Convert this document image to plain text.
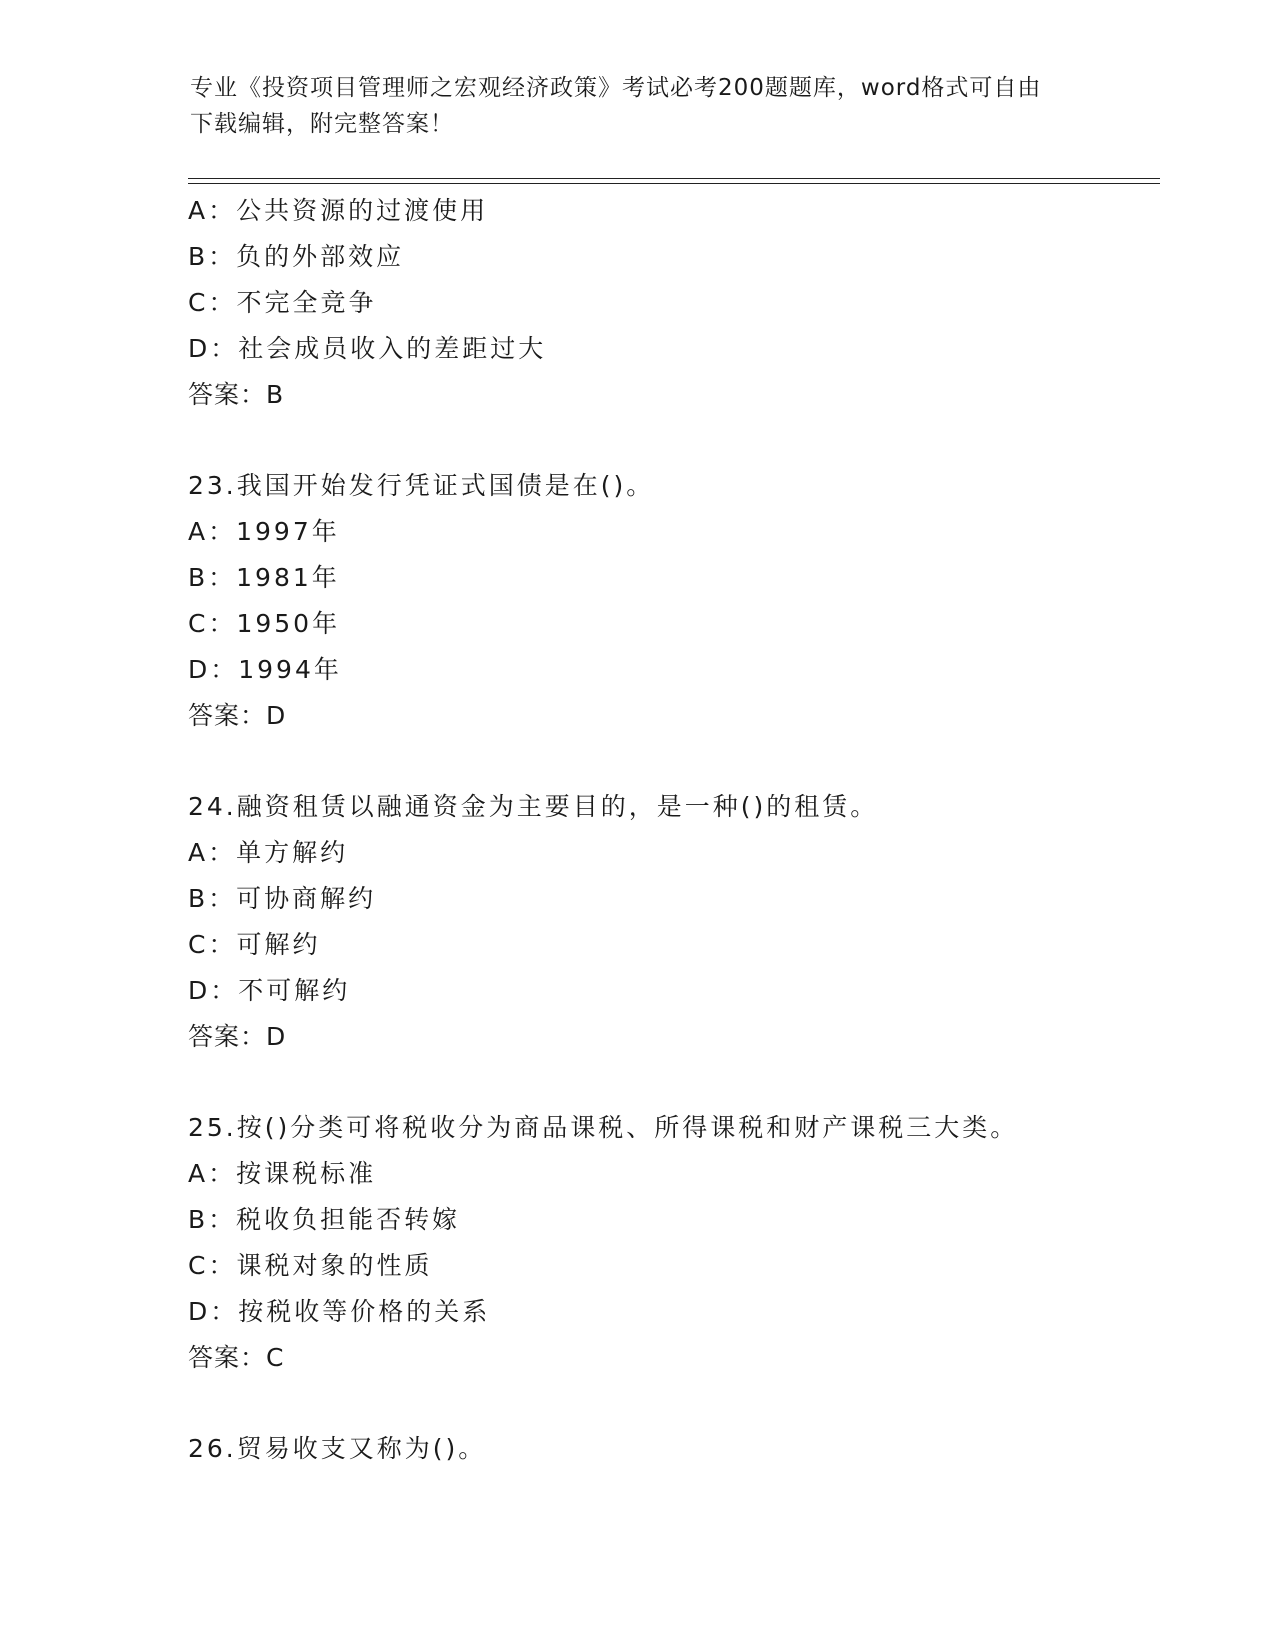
专业《投资项目管理师之宏观经济政策》考试必考200题题库，word格式可自由
下载编辑，附完整答案！
A：公共资源的过渡使用
B：负的外部效应
C：不完全竞争
D：社会成员收入的差距过大
答案：B
23.我国开始发行凭证式国债是在()。
A：1997年
B：1981年
C：1950年
D：1994年
答案：D
24.融资租赁以融通资金为主要目的，是一种()的租赁。
A：单方解约
B：可协商解约
C：可解约
D：不可解约
答案：D
25.按()分类可将税收分为商品课税、所得课税和财产课税三大类。
A：按课税标准
B：税收负担能否转嫁
C：课税对象的性质
D：按税收等价格的关系
答案：C
26.贸易收支又称为()。
